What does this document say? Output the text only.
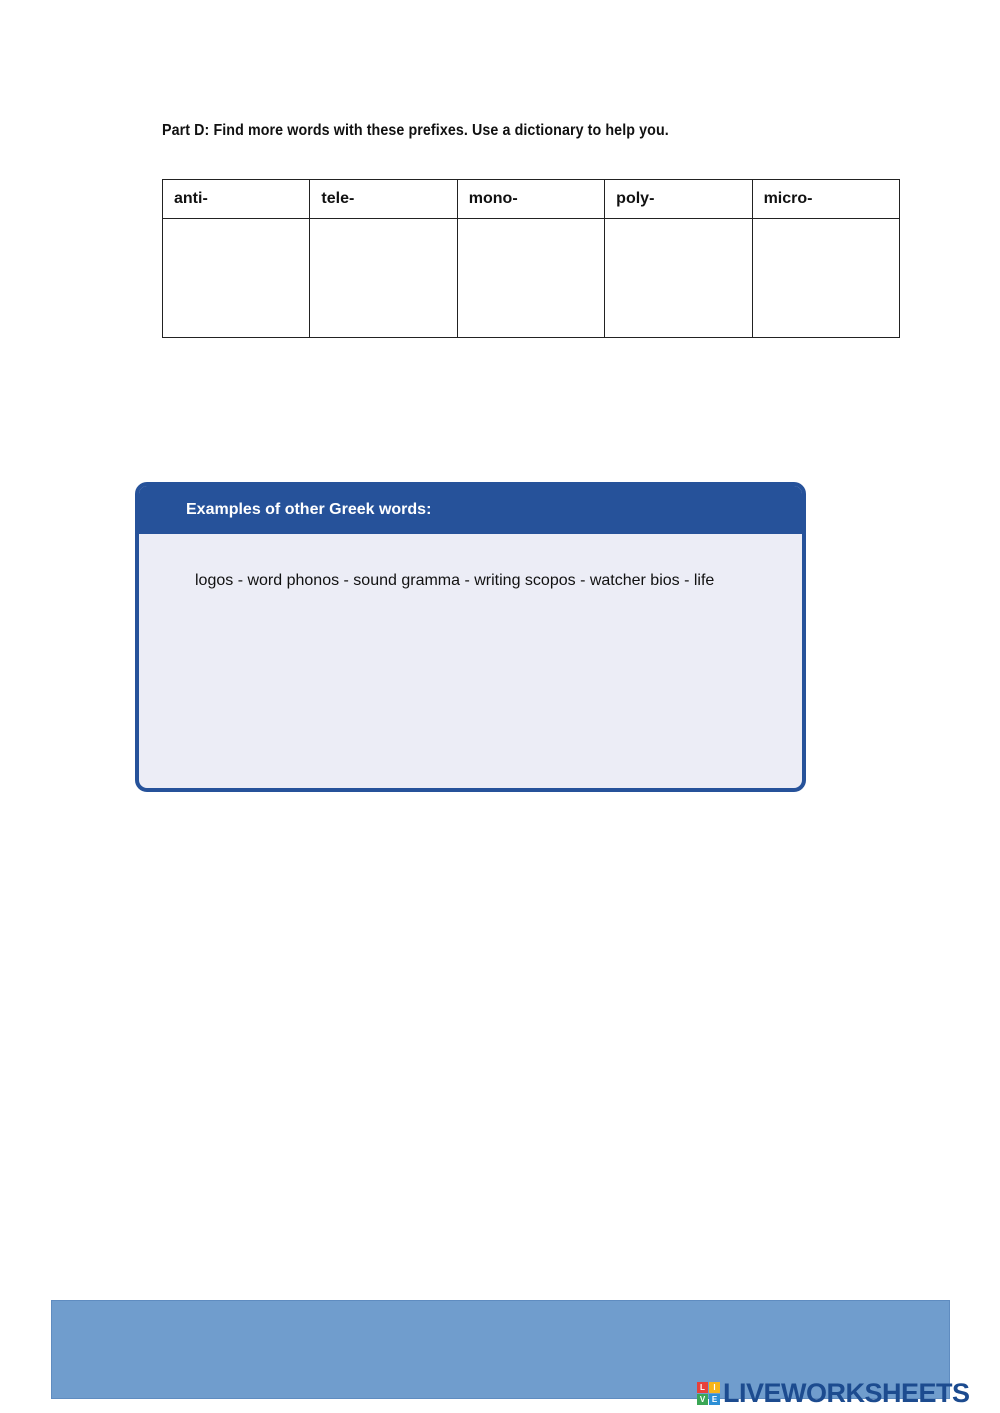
Part D: Find more words with these prefixes. Use a dictionary to help you.
anti-	tele-	mono-	poly-	micro-

Examples of other Greek words:
logos - word phonos - sound gramma - writing scopos - watcher bios - life
L	I
V E LIVEWORKSHEETS
